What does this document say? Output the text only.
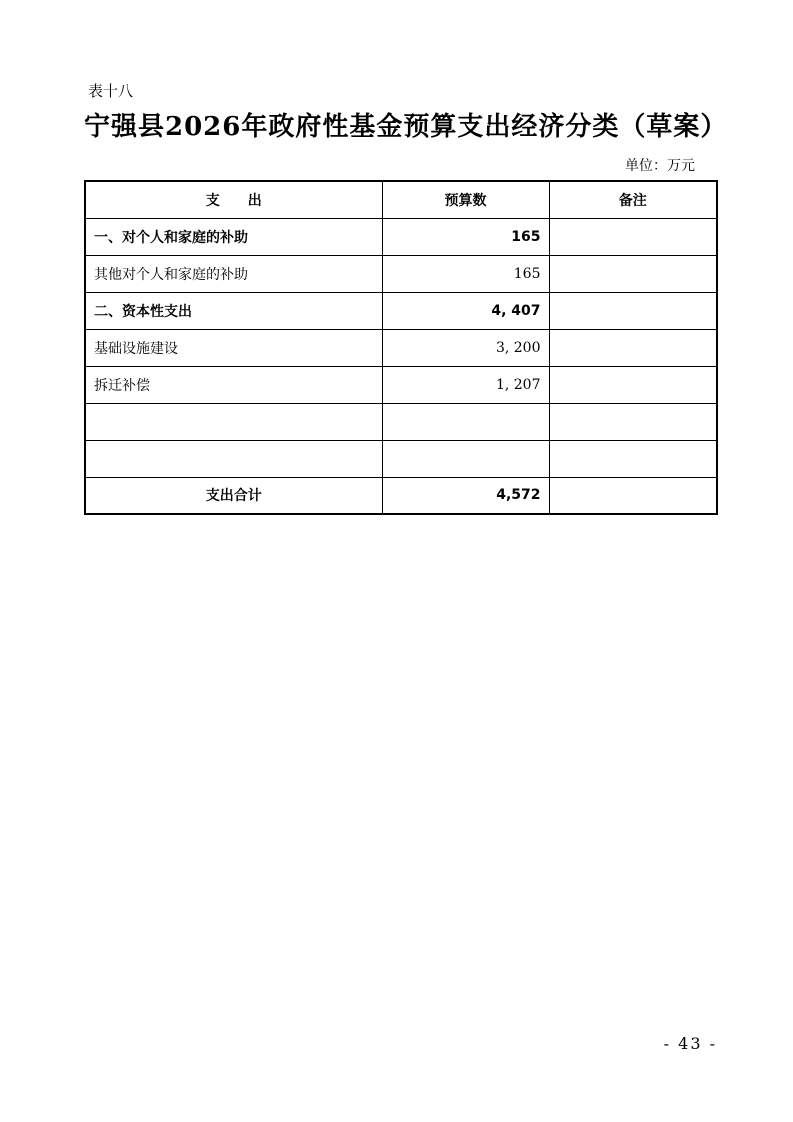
表十八
宁强县2026年政府性基金预算支出经济分类（草案）
单位：万元
支　　出	预算数	备注
一、对个人和家庭的补助	165	
其他对个人和家庭的补助	165	
二、资本性支出	4, 407	
基础设施建设	3, 200	
拆迁补偿	1, 207	

支出合计	4,572	
- 43 -
